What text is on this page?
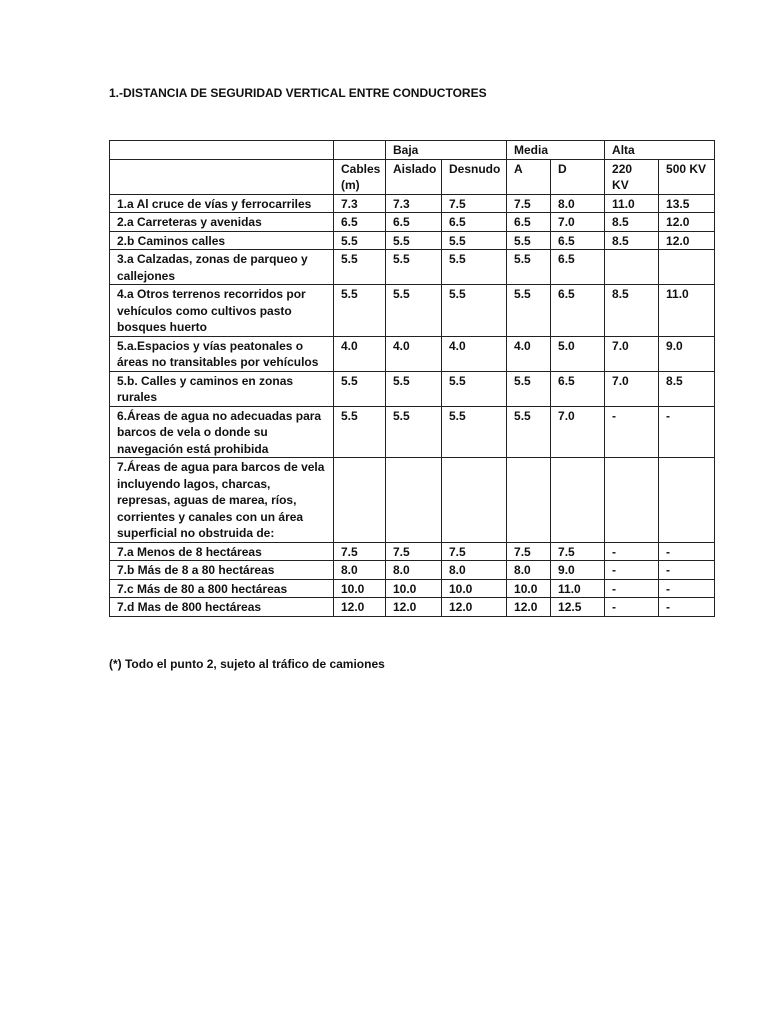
1.-DISTANCIA DE SEGURIDAD VERTICAL ENTRE CONDUCTORES
		Baja		Media		Alta	
	Cables (m)	Aislado	Desnudo	A	D	220 KV	500 KV
1.a Al cruce de vías y ferrocarriles	7.3	7.3	7.5	7.5	8.0	11.0	13.5
2.a Carreteras y avenidas	6.5	6.5	6.5	6.5	7.0	8.5	12.0
2.b Caminos calles	5.5	5.5	5.5	5.5	6.5	8.5	12.0
3.a Calzadas, zonas de parqueo y callejones	5.5	5.5	5.5	5.5	6.5		
4.a Otros terrenos recorridos por vehículos como cultivos pasto bosques huerto	5.5	5.5	5.5	5.5	6.5	8.5	11.0
5.a.Espacios y vías peatonales o áreas no transitables por vehículos	4.0	4.0	4.0	4.0	5.0	7.0	9.0
5.b. Calles y caminos en zonas rurales	5.5	5.5	5.5	5.5	6.5	7.0	8.5
6.Áreas de agua no adecuadas para barcos de vela o donde su navegación está prohibida	5.5	5.5	5.5	5.5	7.0	-	-
7.Áreas de agua para barcos de vela incluyendo lagos, charcas, represas, aguas de marea, ríos, corrientes y canales con un área superficial no obstruida de:							
7.a Menos de 8 hectáreas	7.5	7.5	7.5	7.5	7.5	-	-
7.b Más de 8 a 80 hectáreas	8.0	8.0	8.0	8.0	9.0	-	-
7.c Más de 80 a 800 hectáreas	10.0	10.0	10.0	10.0	11.0	-	-
7.d Mas de 800 hectáreas	12.0	12.0	12.0	12.0	12.5	-	-
(*) Todo el punto 2, sujeto al tráfico de camiones
